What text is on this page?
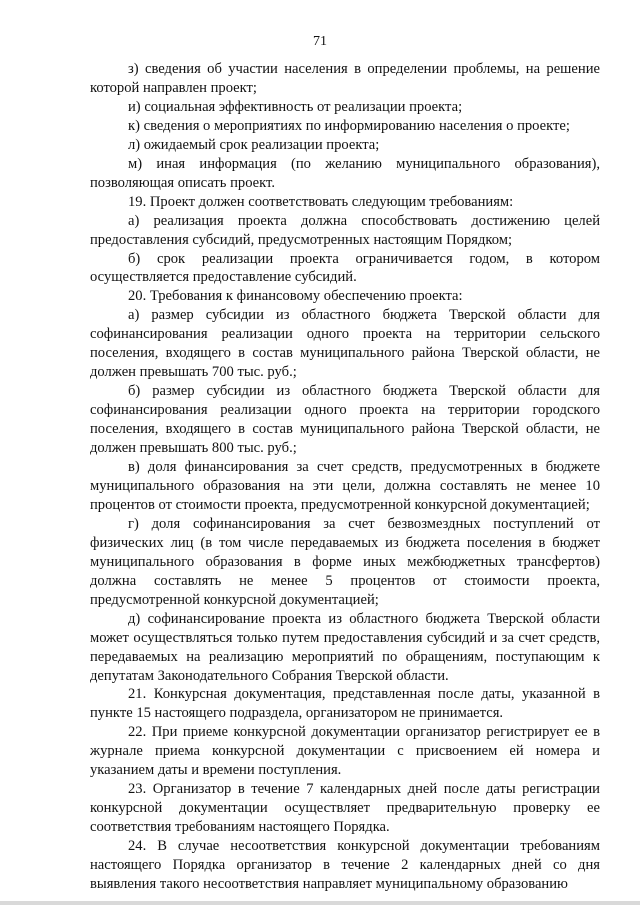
71

з) сведения об участии населения в определении проблемы, на решение которой направлен проект;

и) социальная эффективность от реализации проекта;

к) сведения о мероприятиях по информированию населения о проекте;

л) ожидаемый срок реализации проекта;

м) иная информация (по желанию муниципального образования), позволяющая описать проект.

19. Проект должен соответствовать следующим требованиям:

а) реализация проекта должна способствовать достижению целей предоставления субсидий, предусмотренных настоящим Порядком;

б) срок реализации проекта ограничивается годом, в котором осуществляется предоставление субсидий.

20. Требования к финансовому обеспечению проекта:

а) размер субсидии из областного бюджета Тверской области для софинансирования реализации одного проекта на территории сельского поселения, входящего в состав муниципального района Тверской области, не должен превышать 700 тыс. руб.;

б) размер субсидии из областного бюджета Тверской области для софинансирования реализации одного проекта на территории городского поселения, входящего в состав муниципального района Тверской области, не должен превышать 800 тыс. руб.;

в) доля финансирования за счет средств, предусмотренных в бюджете муниципального образования на эти цели, должна составлять не менее 10 процентов от стоимости проекта, предусмотренной конкурсной документацией;

г) доля софинансирования за счет безвозмездных поступлений от физических лиц (в том числе передаваемых из бюджета поселения в бюджет муниципального образования в форме иных межбюджетных трансфертов) должна составлять не менее 5 процентов от стоимости проекта, предусмотренной конкурсной документацией;

д) софинансирование проекта из областного бюджета Тверской области может осуществляться только путем предоставления субсидий и за счет средств, передаваемых на реализацию мероприятий по обращениям, поступающим к депутатам Законодательного Собрания Тверской области.

21. Конкурсная документация, представленная после даты, указанной в пункте 15 настоящего подраздела, организатором не принимается.

22. При приеме конкурсной документации организатор регистрирует ее в журнале приема конкурсной документации с присвоением ей номера и указанием даты и времени поступления.

23. Организатор в течение 7 календарных дней после даты регистрации конкурсной документации осуществляет предварительную проверку ее соответствия требованиям настоящего Порядка.

24. В случае несоответствия конкурсной документации требованиям настоящего Порядка организатор в течение 2 календарных дней со дня выявления такого несоответствия направляет муниципальному образованию
